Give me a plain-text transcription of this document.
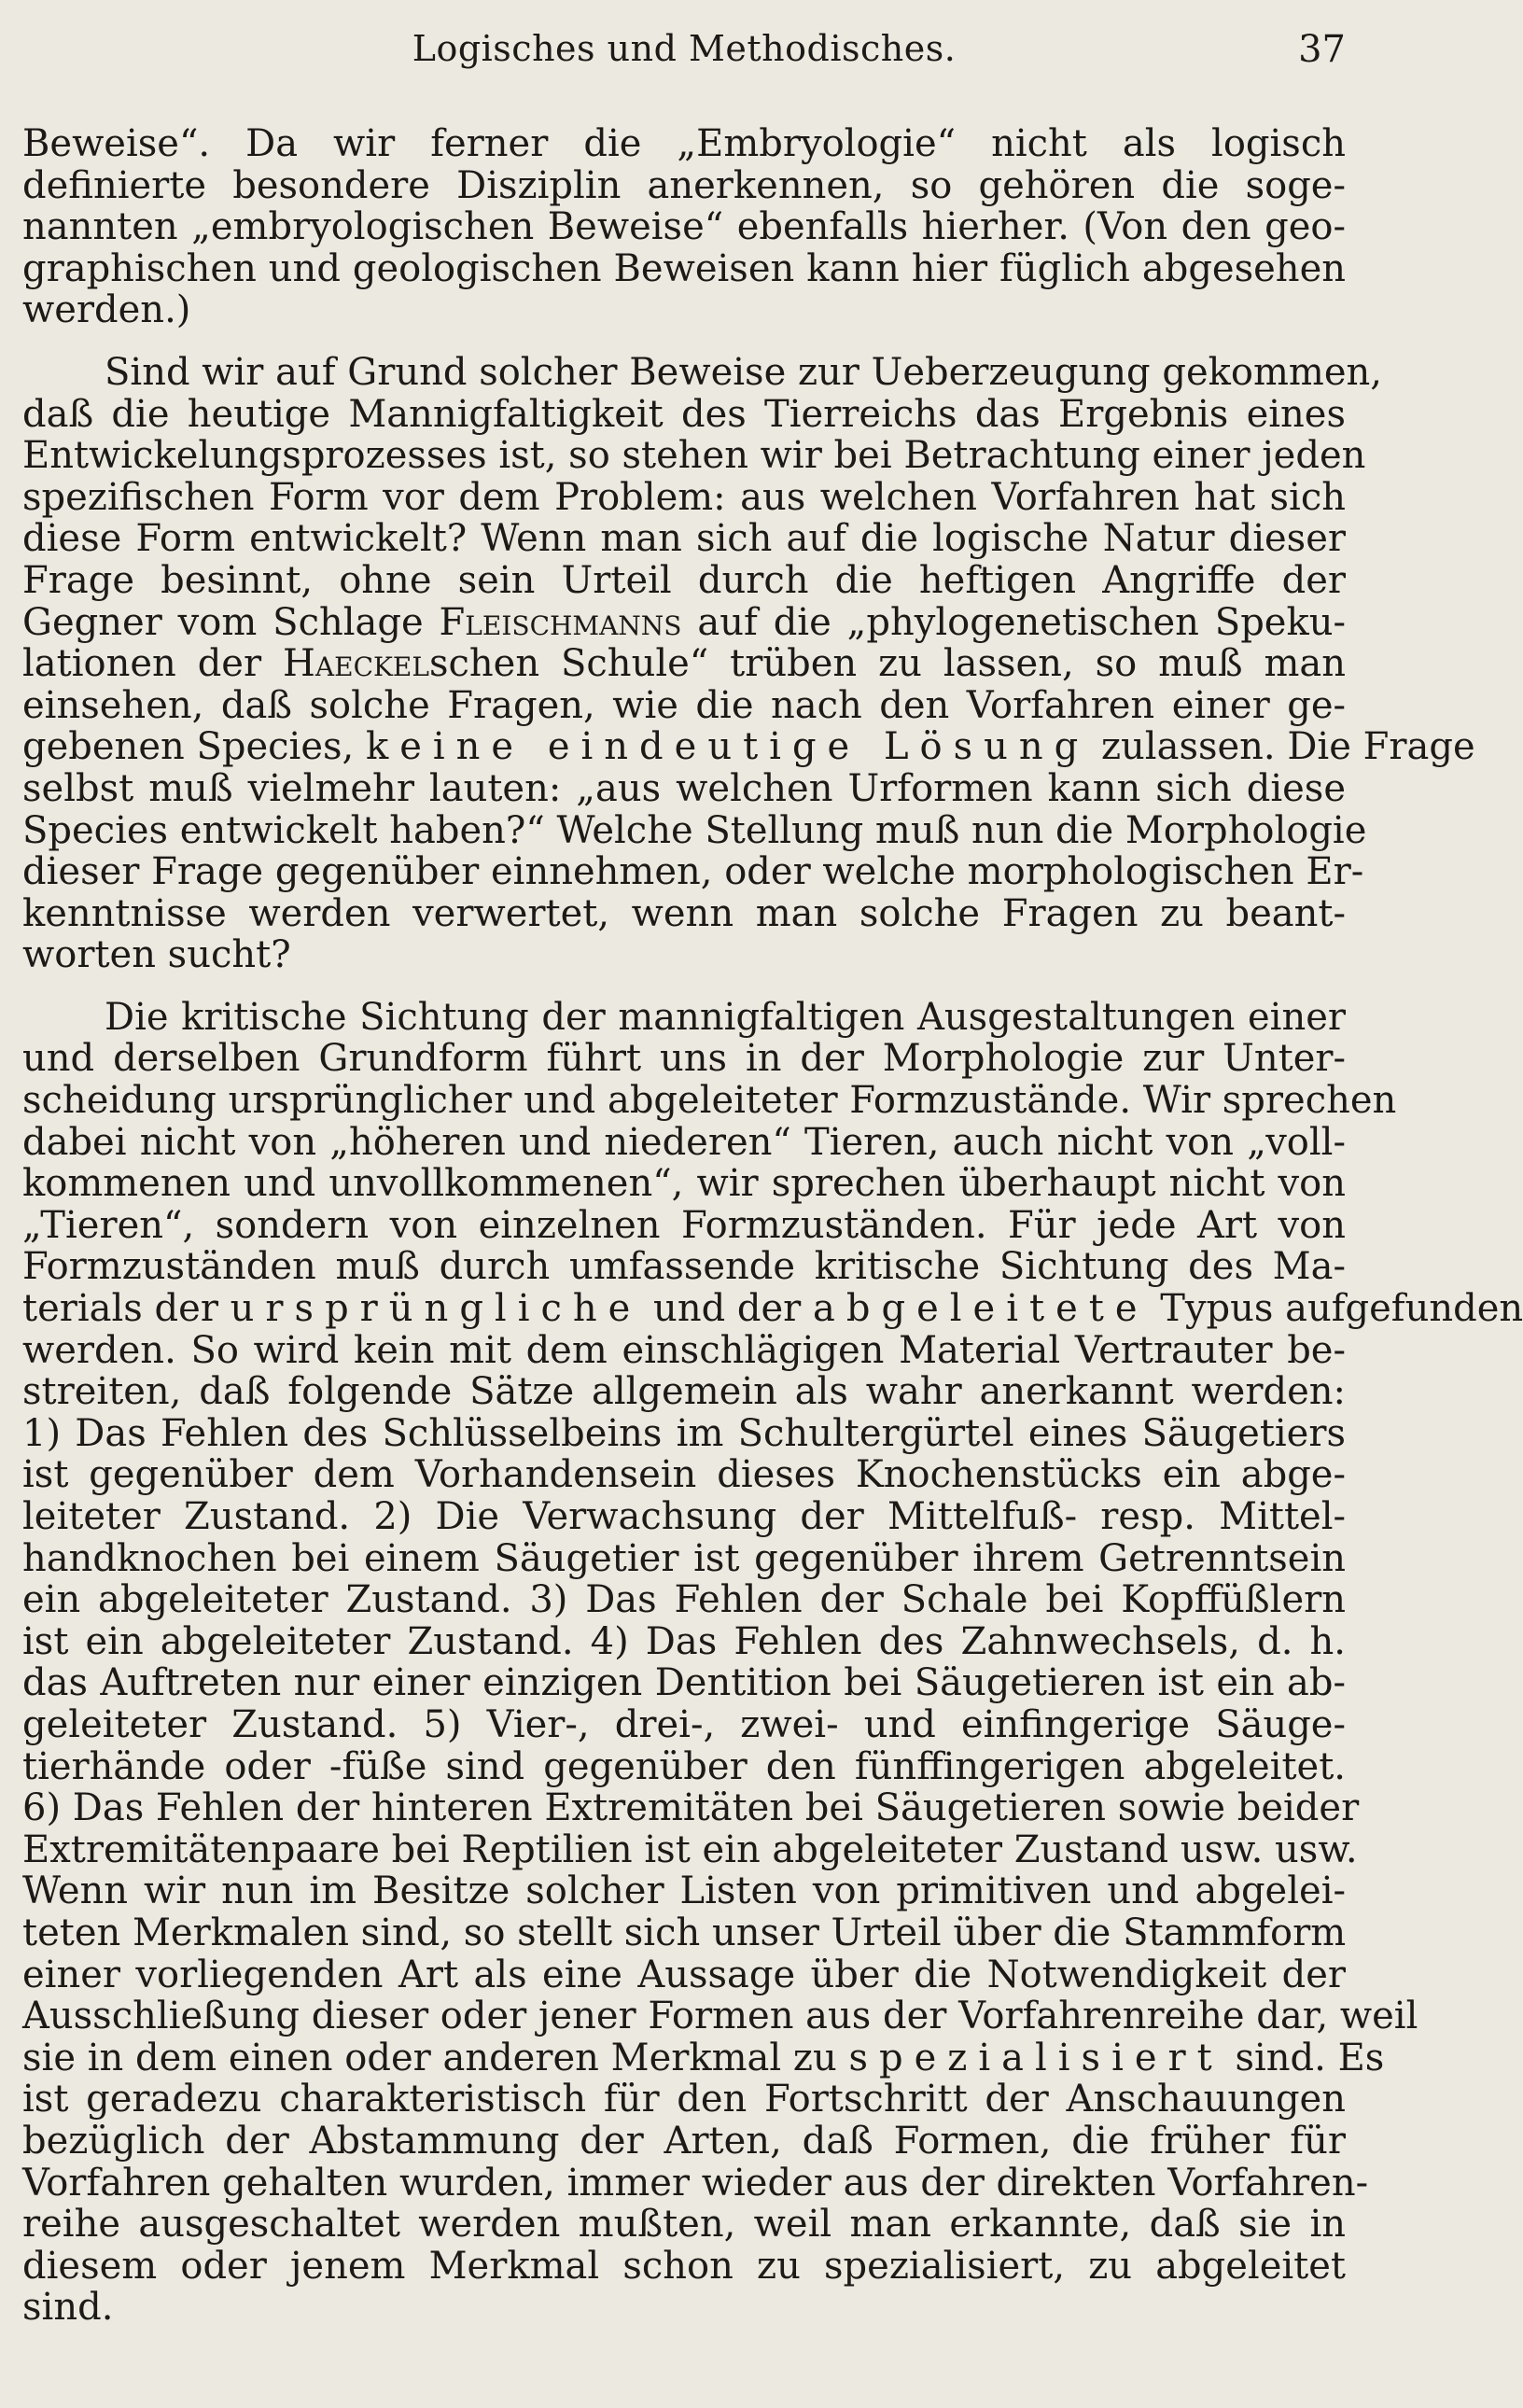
Logisches und Methodisches.	37
Beweise“. Da wir ferner die „Embryologie“ nicht als logisch
definierte besondere Disziplin anerkennen, so gehören die soge-
nannten „embryologischen Beweise“ ebenfalls hierher. (Von den geo-
graphischen und geologischen Beweisen kann hier füglich abgesehen
werden.)
Sind wir auf Grund solcher Beweise zur Ueberzeugung gekommen,
daß die heutige Mannigfaltigkeit des Tierreichs das Ergebnis eines
Entwickelungsprozesses ist, so stehen wir bei Betrachtung einer jeden
spezifischen Form vor dem Problem: aus welchen Vorfahren hat sich
diese Form entwickelt? Wenn man sich auf die logische Natur dieser
Frage besinnt, ohne sein Urteil durch die heftigen Angriffe der
Gegner vom Schlage Fleischmanns auf die „phylogenetischen Speku-
lationen der Haeckelschen Schule“ trüben zu lassen, so muß man
einsehen, daß solche Fragen, wie die nach den Vorfahren einer ge-
gebenen Species, keine eindeutige Lösung zulassen. Die Frage
selbst muß vielmehr lauten: „aus welchen Urformen kann sich diese
Species entwickelt haben?“ Welche Stellung muß nun die Morphologie
dieser Frage gegenüber einnehmen, oder welche morphologischen Er-
kenntnisse werden verwertet, wenn man solche Fragen zu beant-
worten sucht?
Die kritische Sichtung der mannigfaltigen Ausgestaltungen einer
und derselben Grundform führt uns in der Morphologie zur Unter-
scheidung ursprünglicher und abgeleiteter Formzustände. Wir sprechen
dabei nicht von „höheren und niederen“ Tieren, auch nicht von „voll-
kommenen und unvollkommenen“, wir sprechen überhaupt nicht von
„Tieren“, sondern von einzelnen Formzuständen. Für jede Art von
Formzuständen muß durch umfassende kritische Sichtung des Ma-
terials der ursprüngliche und der abgeleitete Typus aufgefunden
werden. So wird kein mit dem einschlägigen Material Vertrauter be-
streiten, daß folgende Sätze allgemein als wahr anerkannt werden:
1) Das Fehlen des Schlüsselbeins im Schultergürtel eines Säugetiers
ist gegenüber dem Vorhandensein dieses Knochenstücks ein abge-
leiteter Zustand. 2) Die Verwachsung der Mittelfuß- resp. Mittel-
handknochen bei einem Säugetier ist gegenüber ihrem Getrenntsein
ein abgeleiteter Zustand. 3) Das Fehlen der Schale bei Kopffüßlern
ist ein abgeleiteter Zustand. 4) Das Fehlen des Zahnwechsels, d. h.
das Auftreten nur einer einzigen Dentition bei Säugetieren ist ein ab-
geleiteter Zustand. 5) Vier-, drei-, zwei- und einfingerige Säuge-
tierhände oder -füße sind gegenüber den fünffingerigen abgeleitet.
6) Das Fehlen der hinteren Extremitäten bei Säugetieren sowie beider
Extremitätenpaare bei Reptilien ist ein abgeleiteter Zustand usw. usw.
Wenn wir nun im Besitze solcher Listen von primitiven und abgelei-
teten Merkmalen sind, so stellt sich unser Urteil über die Stammform
einer vorliegenden Art als eine Aussage über die Notwendigkeit der
Ausschließung dieser oder jener Formen aus der Vorfahrenreihe dar, weil
sie in dem einen oder anderen Merkmal zu spezialisiert sind. Es
ist geradezu charakteristisch für den Fortschritt der Anschauungen
bezüglich der Abstammung der Arten, daß Formen, die früher für
Vorfahren gehalten wurden, immer wieder aus der direkten Vorfahren-
reihe ausgeschaltet werden mußten, weil man erkannte, daß sie in
diesem oder jenem Merkmal schon zu spezialisiert, zu abgeleitet
sind.
